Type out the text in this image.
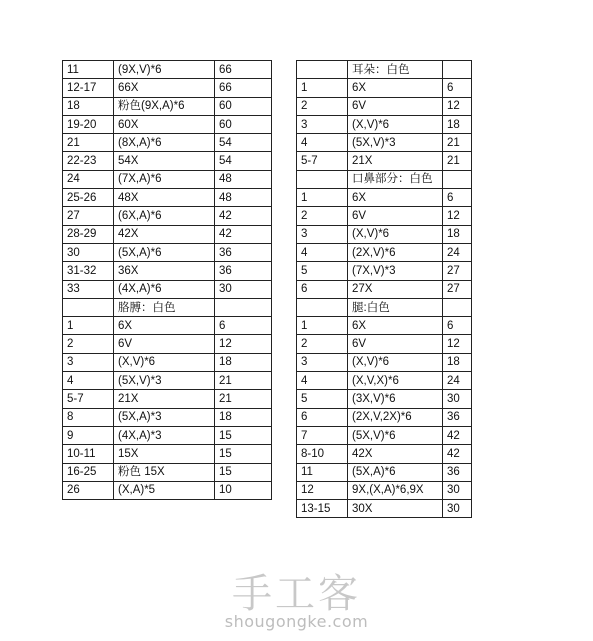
11	(9X,V)*6	66
12-17	66X	66
18	粉色(9X,A)*6	60
19-20	60X	60
21	(8X,A)*6	54
22-23	54X	54
24	(7X,A)*6	48
25-26	48X	48
27	(6X,A)*6	42
28-29	42X	42
30	(5X,A)*6	36
31-32	36X	36
33	(4X,A)*6	30
	胳膊：白色	
1	6X	6
2	6V	12
3	(X,V)*6	18
4	(5X,V)*3	21
5-7	21X	21
8	(5X,A)*3	18
9	(4X,A)*3	15
10-11	15X	15
16-25	粉色 15X	15
26	(X,A)*5	10
	耳朵：白色	
1	6X	6
2	6V	12
3	(X,V)*6	18
4	(5X,V)*3	21
5-7	21X	21
	口鼻部分：白色	
1	6X	6
2	6V	12
3	(X,V)*6	18
4	(2X,V)*6	24
5	(7X,V)*3	27
6	27X	27
	腿:白色	
1	6X	6
2	6V	12
3	(X,V)*6	18
4	(X,V,X)*6	24
5	(3X,V)*6	30
6	(2X,V,2X)*6	36
7	(5X,V)*6	42
8-10	42X	42
11	(5X,A)*6	36
12	9X,(X,A)*6,9X	30
13-15	30X	30
手工客
shougongke.com
